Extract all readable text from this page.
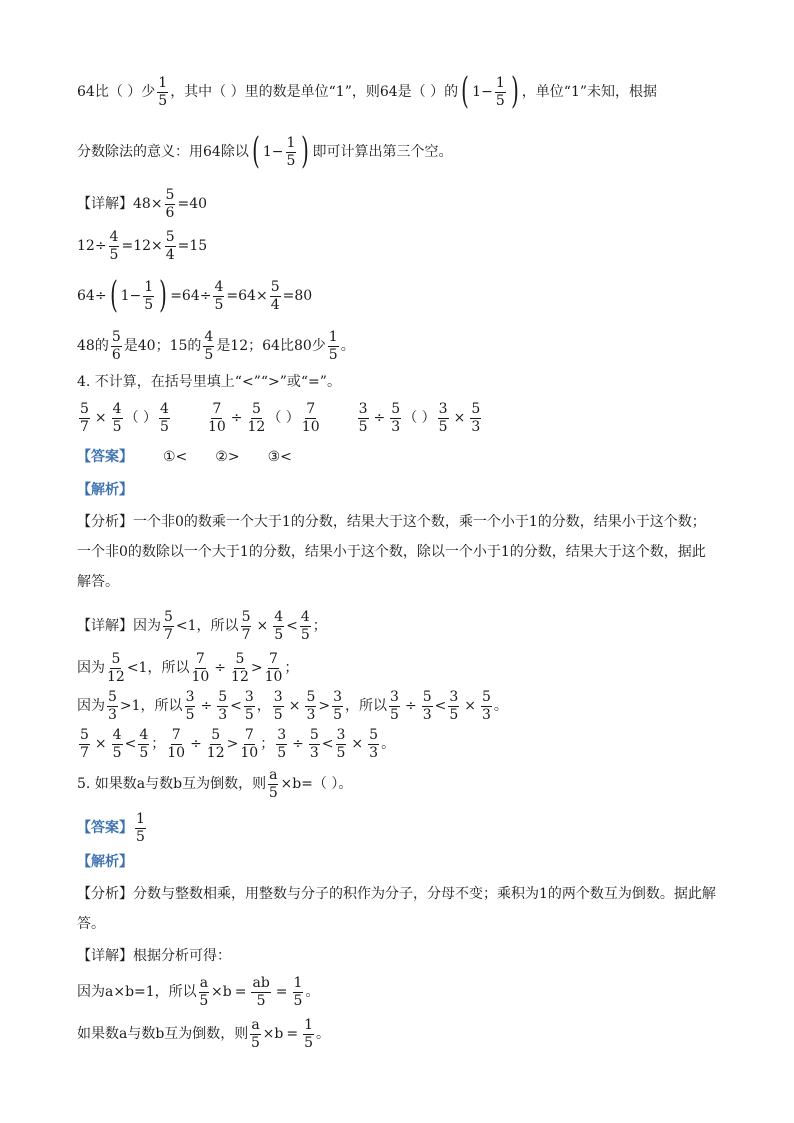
64比（ ）少 $\frac{1}{5}$ ，其中（ ）里的数是单位“1”，则64是（ ）的 ( $1- \frac{1}{5}$ ) ，单位“1”未知，根据
分数除法的意义：用64除以 ( $1- \frac{1}{5}$ ) 即可计算出第三个空。
【详解】 $48\times \frac{5}{6} =40$
$12\div \frac{4}{5} =12\times \frac{5}{4} =15$
64÷ ( $1- \frac{1}{5}$ ) $=64\div \frac{4}{5} =64\times \frac{5}{4} =80$
48的 $\frac{5}{6}$ 是40；15的 $\frac{4}{5}$ 是12；64比80少 $\frac{1}{5}$ 。
4. 不计算，在括号里填上“<”“>”或“=”。
$\frac{5}{7} \times \frac{4}{5}$ （ ） $\frac{4}{5}$	$\frac{7}{10} \div \frac{5}{12}$ （ ） $\frac{7}{10}$	$\frac{3}{5} \div \frac{5}{3}$ （ ） $\frac{3}{5} \times \frac{5}{3}$
【答案】 ①< ②> ③<
【解析】
【分析】一个非0的数乘一个大于1的分数，结果大于这个数，乘一个小于1的分数，结果小于这个数；
一个非0的数除以一个大于1的分数，结果小于这个数，除以一个小于1的分数，结果大于这个数，据此
解答。
【详解】因为 $\frac{5}{7} <1$，所以 $\frac{5}{7} \times \frac{4}{5} < \frac{4}{5}$ ；
因为 $\frac{5}{12} <1$，所以 $\frac{7}{10} \div \frac{5}{12} > \frac{7}{10}$ ；
因为 $\frac{5}{3} >1$，所以 $\frac{3}{5} \div \frac{5}{3} < \frac{3}{5}$ ， $\frac{3}{5} \times \frac{5}{3} > \frac{3}{5}$ ，所以 $\frac{3}{5} \div \frac{5}{3} < \frac{3}{5} \times \frac{5}{3}$ 。
$\frac{5}{7} \times \frac{4}{5} < \frac{4}{5}$ ； $\frac{7}{10} \div \frac{5}{12} > \frac{7}{10}$ ； $\frac{3}{5} \div \frac{5}{3} < \frac{3}{5} \times \frac{5}{3}$ 。
5. 如果数a与数b互为倒数，则 $\frac{a}{5} \times b=$（ ）。
【答案】 $\frac{1}{5}$
【解析】
【分析】分数与整数相乘，用整数与分子的积作为分子，分母不变；乘积为1的两个数互为倒数。据此解
答。
【详解】根据分析可得：
因为a×b=1，所以 $\frac{a}{5} \times b = \frac{ab}{5} = \frac{1}{5}$ 。
如果数a与数b互为倒数，则 $\frac{a}{5} \times b = \frac{1}{5}$ 。
